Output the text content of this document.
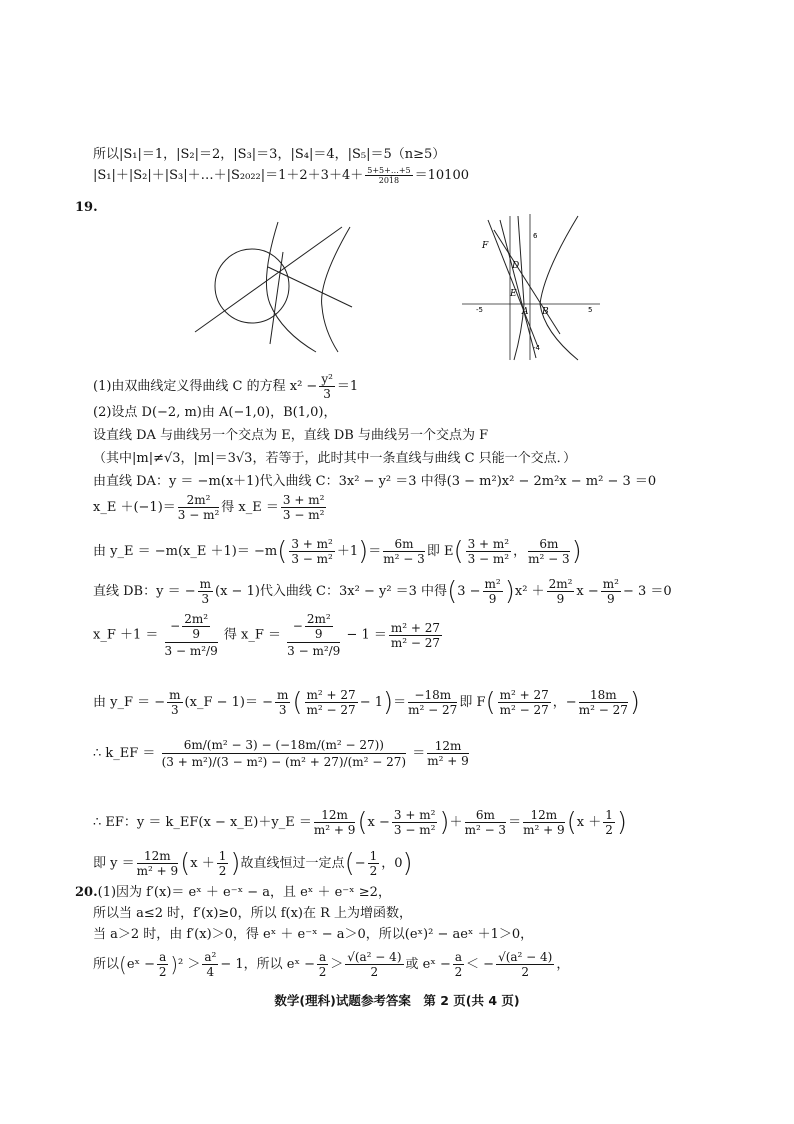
所以|S₁|＝1，|S₂|＝2，|S₃|＝3，|S₄|＝4，|S₅|＝5（n≥5）
|S₁|＋|S₂|＋|S₃|＋…＋|S₂₀₂₂|＝1＋2＋3＋4＋ $\frac{5+5+\dots+5}{2018} =10100$
19.
F
D
E
A B
-5	5
6
-4
(1)由双曲线定义得曲线 C 的方程 $x^2 - \frac{\text{y²}}{3} =1$
(2)设点 D(−2, m)由 A(−1,0)，B(1,0)，
设直线 DA 与曲线另一个交点为 E，直线 DB 与曲线另一个交点为 F
（其中|m|≠√3，|m|＝3√3，若等于，此时其中一条直线与曲线 C 只能一个交点．）
由直线 DA：y ＝ −m(x＋1)代入曲线 C：3x² − y² ＝3 中得(3 − m²)x² − 2m²x − m² − 3 ＝0
x_E $+(-1)= \frac{\text{2m²}}{\text{3 − m²}}$ 得 x_E ＝ $\frac{\text{3 + m²}}{\text{3 − m²}}$
由 y_E ＝ −m(x_E $+1)= -m( \frac{\text{3 + m²}}{\text{3 − m²}} +1)= \frac{6m}{\text{m² − 3}}$ 即 $E( \frac{\text{3 + m²}}{\text{3 − m²}}$ ， $\frac{6m}{\text{m² − 3}}$ )
直线 DB：y ＝ − $\frac{m}{3} (x - 1)$代入曲线 C：3x² − y² ＝3 中得$(3 - \frac{\text{m²}}{9} )x^2 + \frac{\text{2m²}}{9}$ $x - \frac{\text{m²}}{9} - 3 =0$
x_F $+1 = \frac{- \frac{\text{2m²}}{9}}{\text{3 − m²/9}}$ 得 x_F ＝ $\frac{- \frac{\text{2m²}}{9}}{\text{3 − m²/9}} - 1 = \frac{\text{m² + 27}}{\text{m² − 27}}$
由 y_F ＝ − $\frac{m}{3}$ (x_F − $1)= - \frac{m}{3}$ ( $\frac{\text{m² + 27}}{\text{m² − 27}} - 1)= \frac{-18m}{\text{m² − 27}}$ 即 $F( \frac{\text{m² + 27}}{\text{m² − 27}}$ ，− $\frac{18m}{\text{m² − 27}}$ )
∴ k_EF ＝ $\frac{\text{6m/(m² − 3) − (−18m/(m² − 27))}}{\text{(3 + m²)/(3 − m²) − (m² + 27)/(m² − 27)}} = \frac{12m}{\text{m² + 9}}$
∴ EF：y ＝ k_EF(x − x_E)＋y_E ＝ $\frac{12m}{\text{m² + 9}} (x - \frac{\text{3 + m²}}{\text{3 − m²}}$ )＋ $\frac{6m}{\text{m² − 3}} = \frac{12m}{\text{m² + 9}} (x + \frac{1}{2}$ )
即 $y = \frac{12m}{\text{m² + 9}} (x + \frac{1}{2}$ )故直线恒过一定点(− $\frac{1}{2}$ ，0)
20.(1)因为 f′(x)＝ eˣ ＋ e⁻ˣ − a，且 eˣ ＋ e⁻ˣ ≥2，
所以当 a≤2 时，f′(x)≥0，所以 f(x)在 R 上为增函数，
当 a＞2 时，由 f′(x)＞0，得 eˣ ＋ e⁻ˣ − a＞0，所以(eˣ)² − aeˣ ＋1＞0，
所以(eˣ − $\frac{a}{2} )^2 > \frac{\text{a²}}{4} - 1$，所以 eˣ − $\frac{a}{2} > \frac{\text{√(a² − 4)}}{2}$ 或 eˣ − $\frac{a}{2}$ ＜ − $\frac{\text{√(a² − 4)}}{2}$ ，
数学(理科)试题参考答案　第 2 页(共 4 页)
